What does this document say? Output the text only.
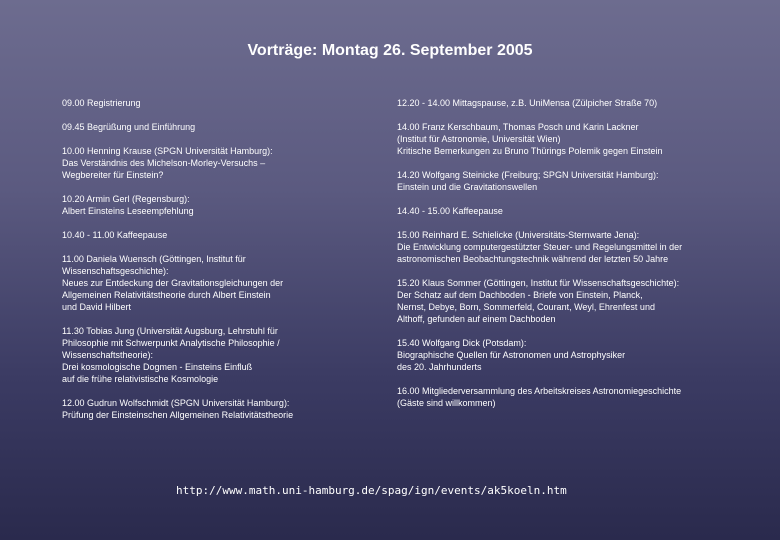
Vorträge: Montag 26. September 2005

09.00 Registrierung

09.45 Begrüßung und Einführung

10.00 Henning Krause (SPGN Universität Hamburg):
Das Verständnis des Michelson-Morley-Versuchs –
Wegbereiter für Einstein?
10.20 Armin Gerl (Regensburg):
Albert Einsteins Leseempfehlung

10.40 - 11.00 Kaffeepause

11.00 Daniela Wuensch (Göttingen, Institut für
Wissenschaftsgeschichte):
Neues zur Entdeckung der Gravitationsgleichungen der
Allgemeinen Relativitätstheorie durch Albert Einstein
und David Hilbert
11.30 Tobias Jung (Universität Augsburg, Lehrstuhl für
Philosophie mit Schwerpunkt Analytische Philosophie /
Wissenschaftstheorie):
Drei kosmologische Dogmen - Einsteins Einfluß
auf die frühe relativistische Kosmologie
12.00 Gudrun Wolfschmidt (SPGN Universität Hamburg):
Prüfung der Einsteinschen Allgemeinen Relativitätstheorie

12.20 - 14.00 Mittagspause, z.B. UniMensa (Zülpicher Straße 70)

14.00 Franz Kerschbaum, Thomas Posch und Karin Lackner
(Institut für Astronomie, Universität Wien)
Kritische Bemerkungen zu Bruno Thürings Polemik gegen Einstein
14.20 Wolfgang Steinicke (Freiburg; SPGN Universität Hamburg):
Einstein und die Gravitationswellen

14.40 - 15.00 Kaffeepause

15.00 Reinhard E. Schielicke (Universitäts-Sternwarte Jena):
Die Entwicklung computergestützter Steuer- und Regelungsmittel in der
astronomischen Beobachtungstechnik während der letzten 50 Jahre
15.20 Klaus Sommer (Göttingen, Institut für Wissenschaftsgeschichte):
Der Schatz auf dem Dachboden - Briefe von Einstein, Planck,
Nernst, Debye, Born, Sommerfeld, Courant, Weyl, Ehrenfest und
Althoff, gefunden auf einem Dachboden
15.40 Wolfgang Dick (Potsdam):
Biographische Quellen für Astronomen und Astrophysiker
des 20. Jahrhunderts
16.00 Mitgliederversammlung des Arbeitskreises Astronomiegeschichte
(Gäste sind willkommen)
http://www.math.uni-hamburg.de/spag/ign/events/ak5koeln.htm
